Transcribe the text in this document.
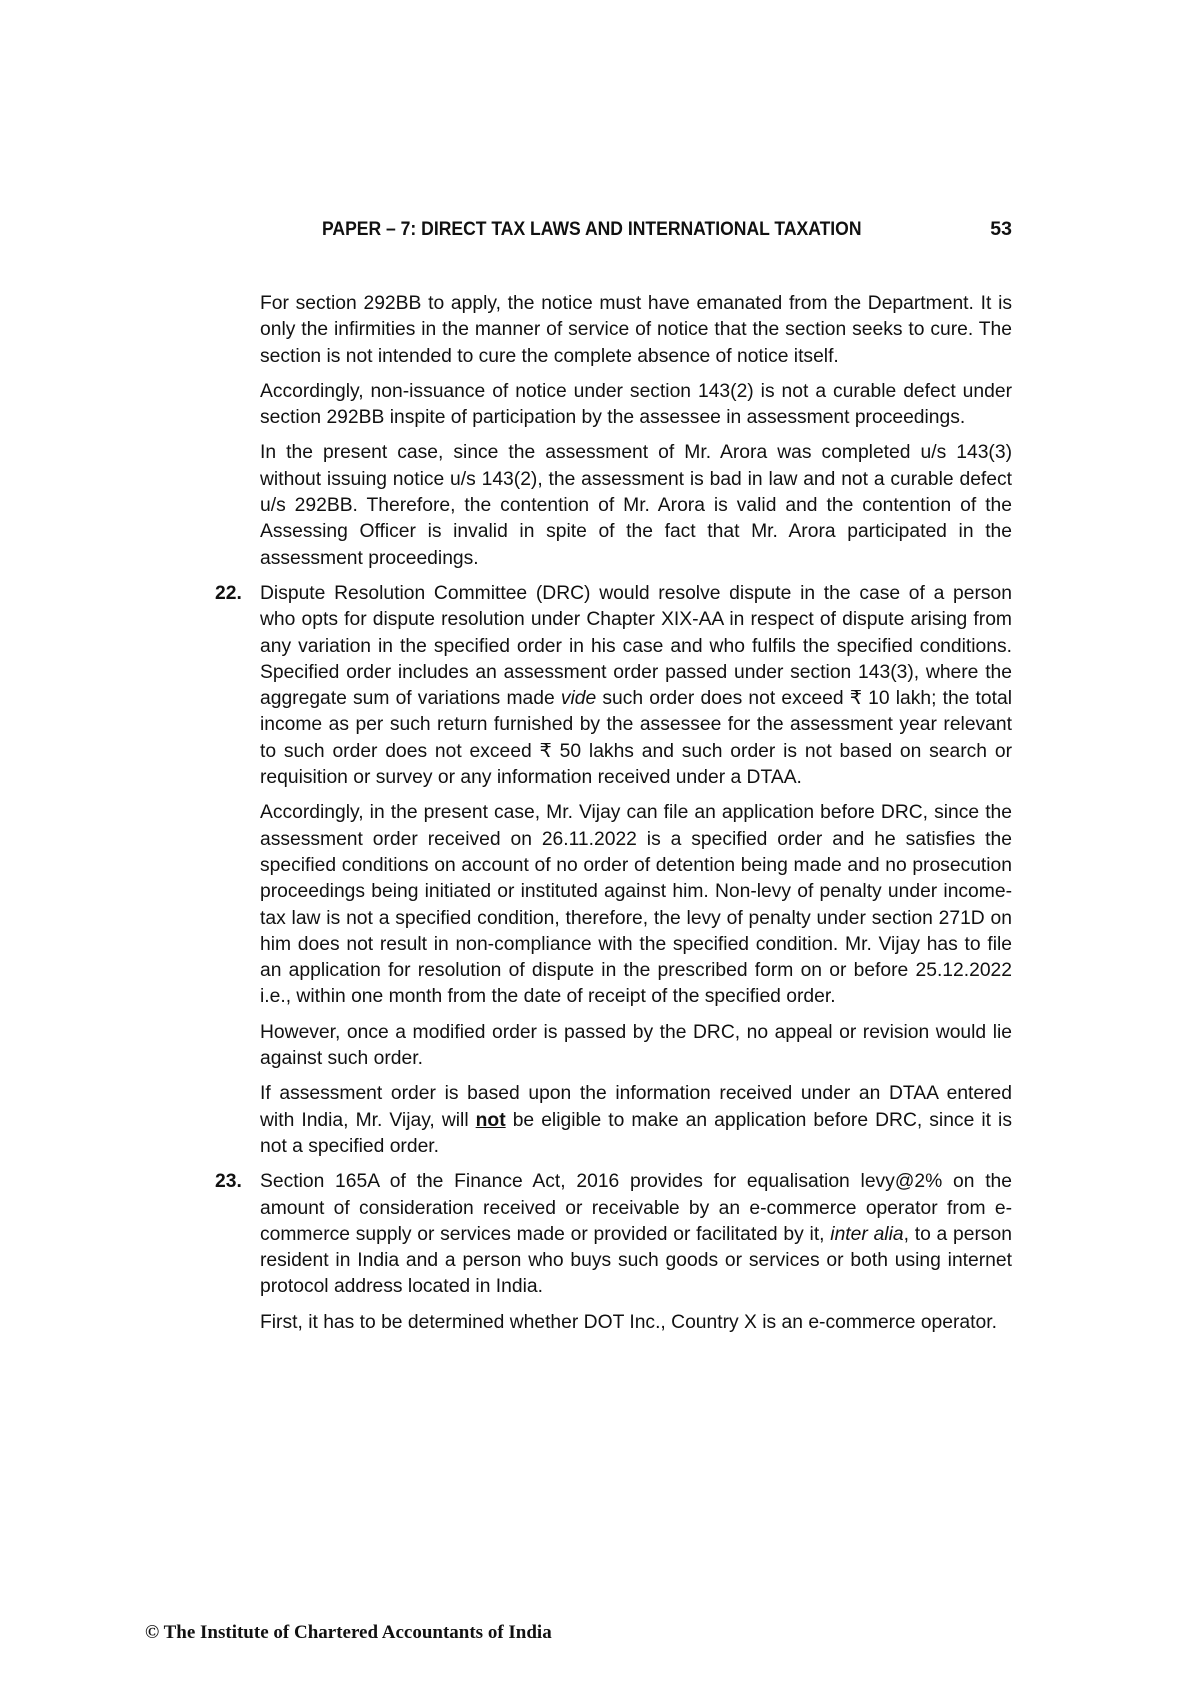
PAPER – 7: DIRECT TAX LAWS AND INTERNATIONAL TAXATION	53

For section 292BB to apply, the notice must have emanated from the Department. It is only the infirmities in the manner of service of notice that the section seeks to cure. The section is not intended to cure the complete absence of notice itself.

Accordingly, non-issuance of notice under section 143(2) is not a curable defect under section 292BB inspite of participation by the assessee in assessment proceedings.

In the present case, since the assessment of Mr. Arora was completed u/s 143(3) without issuing notice u/s 143(2), the assessment is bad in law and not a curable defect u/s 292BB. Therefore, the contention of Mr. Arora is valid and the contention of the Assessing Officer is invalid in spite of the fact that Mr. Arora participated in the assessment proceedings.

22. Dispute Resolution Committee (DRC) would resolve dispute in the case of a person who opts for dispute resolution under Chapter XIX-AA in respect of dispute arising from any variation in the specified order in his case and who fulfils the specified conditions. Specified order includes an assessment order passed under section 143(3), where the aggregate sum of variations made vide such order does not exceed ₹ 10 lakh; the total income as per such return furnished by the assessee for the assessment year relevant to such order does not exceed ₹ 50 lakhs and such order is not based on search or requisition or survey or any information received under a DTAA.

Accordingly, in the present case, Mr. Vijay can file an application before DRC, since the assessment order received on 26.11.2022 is a specified order and he satisfies the specified conditions on account of no order of detention being made and no prosecution proceedings being initiated or instituted against him. Non-levy of penalty under income-tax law is not a specified condition, therefore, the levy of penalty under section 271D on him does not result in non-compliance with the specified condition. Mr. Vijay has to file an application for resolution of dispute in the prescribed form on or before 25.12.2022 i.e., within one month from the date of receipt of the specified order.

However, once a modified order is passed by the DRC, no appeal or revision would lie against such order.

If assessment order is based upon the information received under an DTAA entered with India, Mr. Vijay, will not be eligible to make an application before DRC, since it is not a specified order.

23. Section 165A of the Finance Act, 2016 provides for equalisation levy@2% on the amount of consideration received or receivable by an e-commerce operator from e-commerce supply or services made or provided or facilitated by it, inter alia, to a person resident in India and a person who buys such goods or services or both using internet protocol address located in India.

First, it has to be determined whether DOT Inc., Country X is an e-commerce operator.

© The Institute of Chartered Accountants of India
